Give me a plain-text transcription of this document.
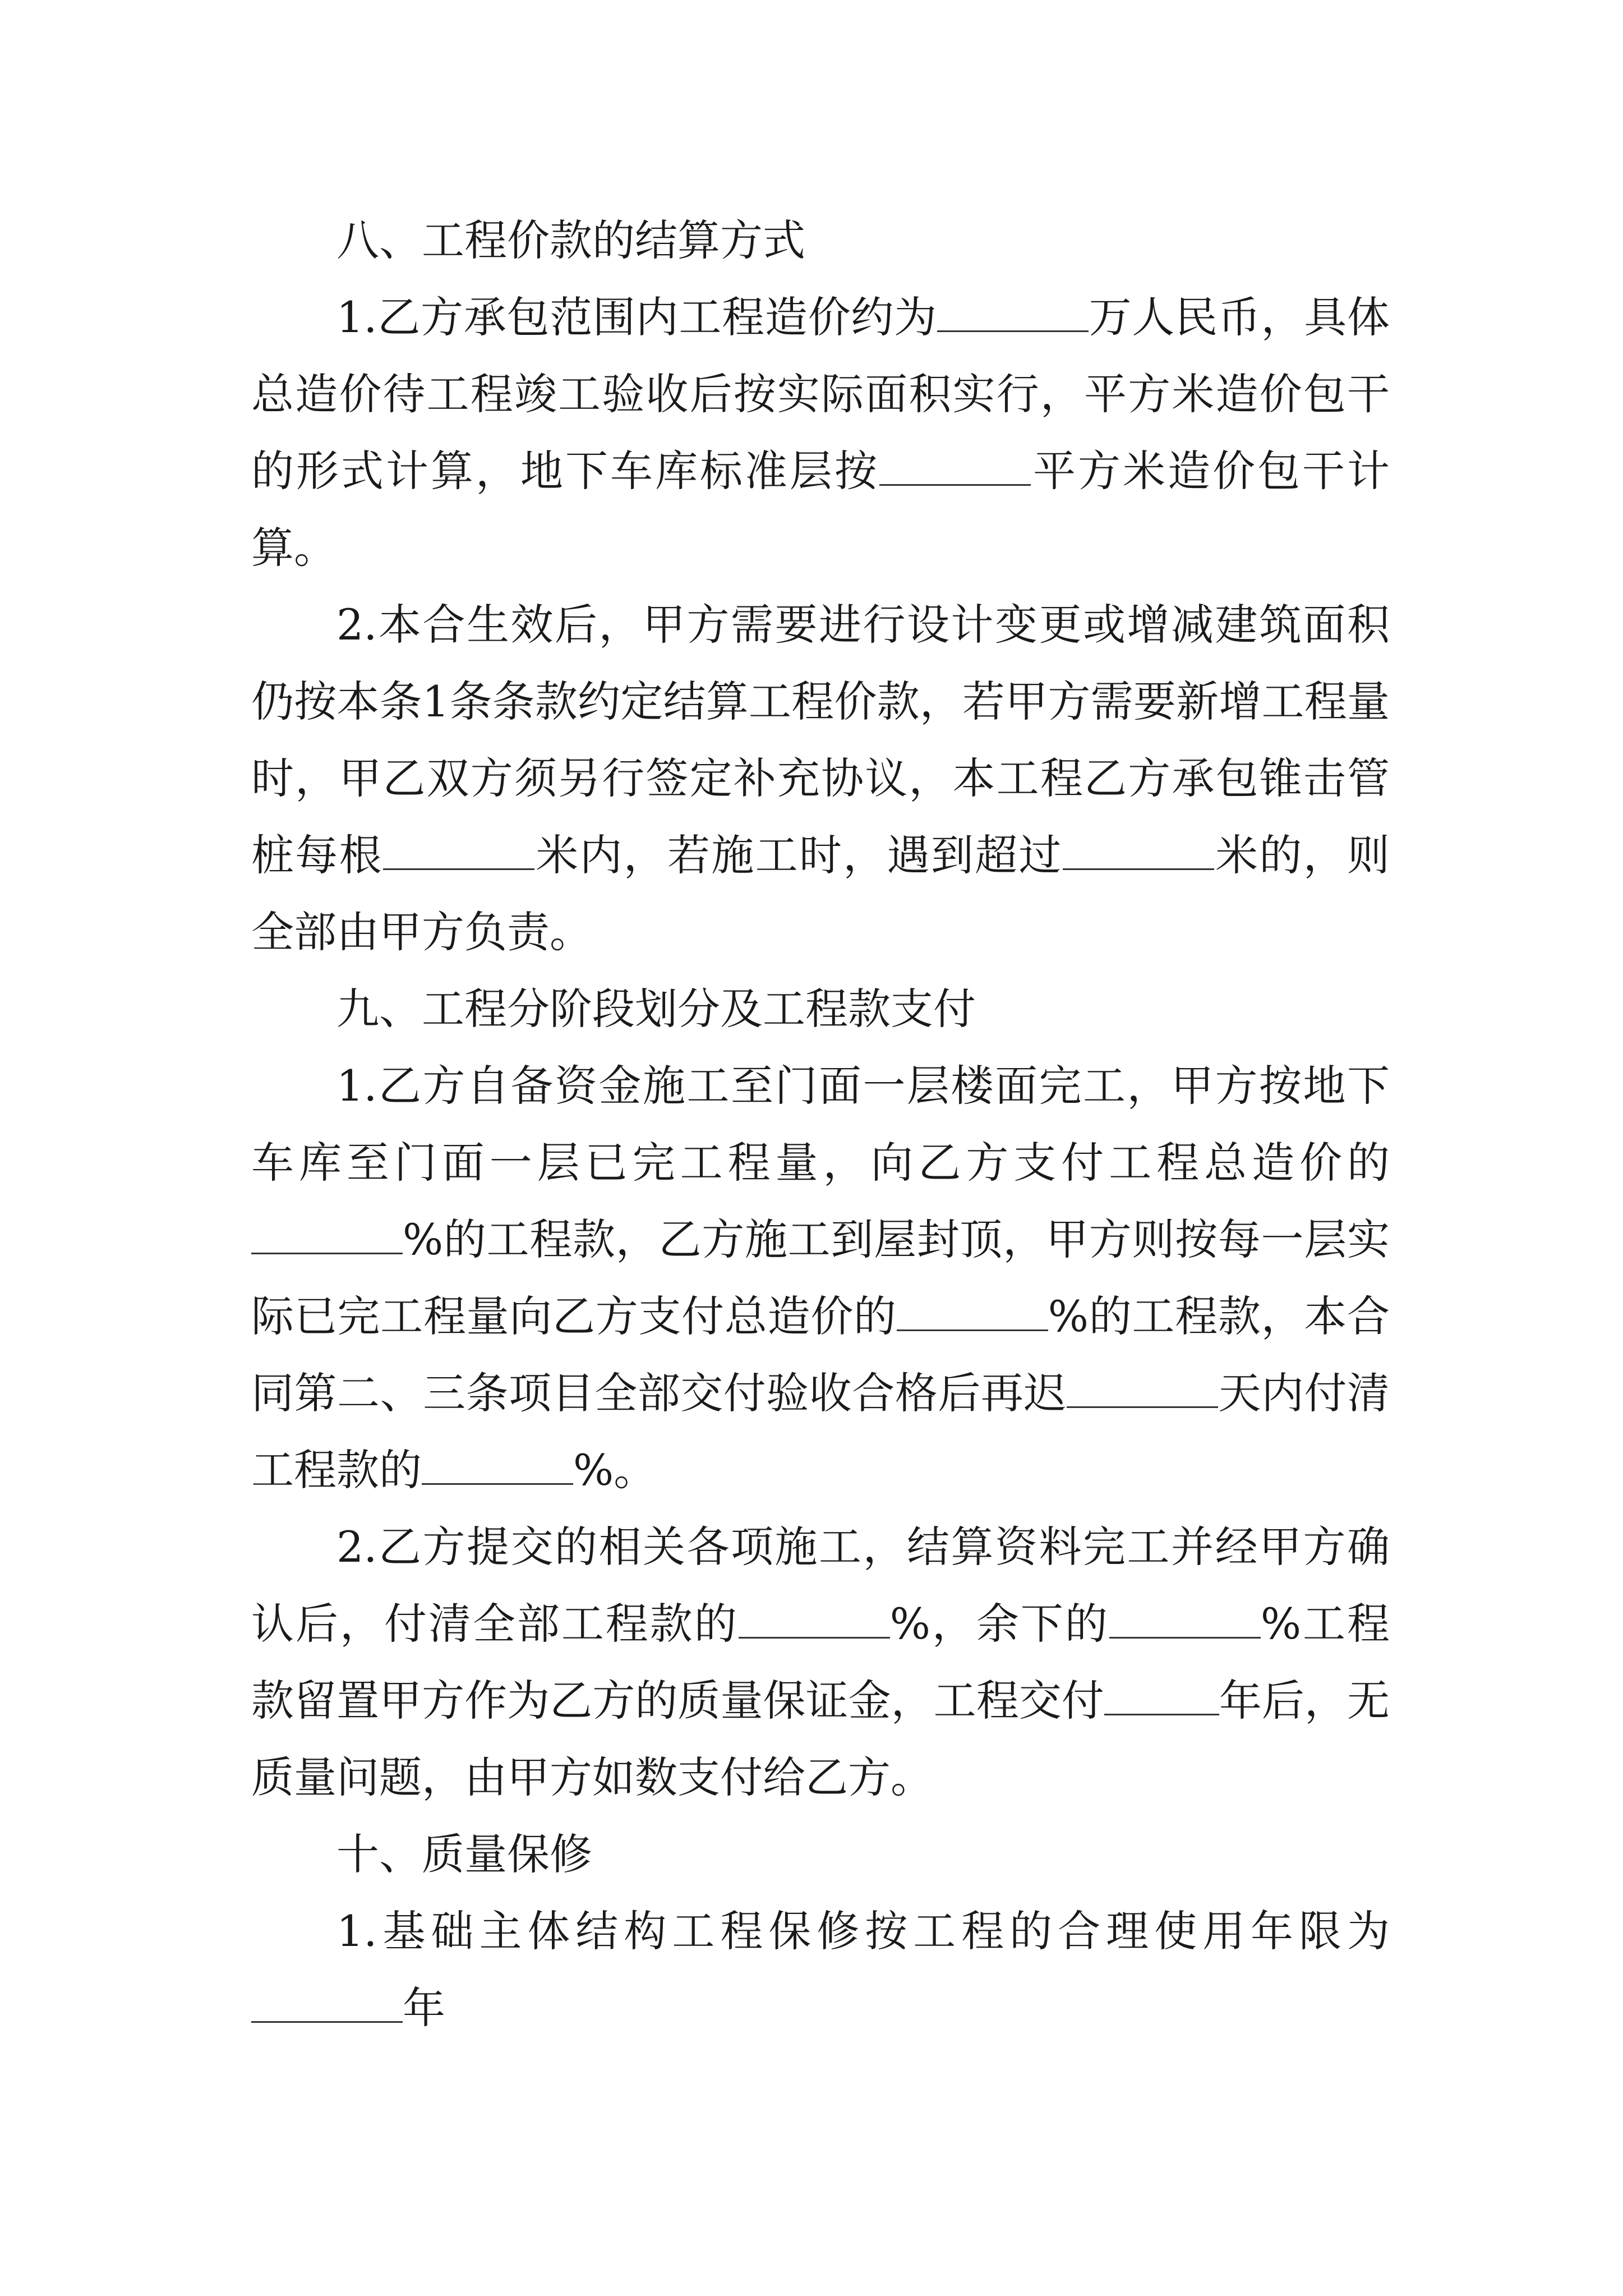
八、工程价款的结算方式

1.乙方承包范围内工程造价约为	万人民币，具体总造价待工程竣工验收后按实际面积实行，平方米造价包干的形式计算，地下车库标准层按	平方米造价包干计算。

2.本合生效后，甲方需要进行设计变更或增减建筑面积仍按本条1条条款约定结算工程价款，若甲方需要新增工程量时，甲乙双方须另行签定补充协议，本工程乙方承包锥击管桩每根	米内，若施工时，遇到超过	米的，则全部由甲方负责。

九、工程分阶段划分及工程款支付

1.乙方自备资金施工至门面一层楼面完工，甲方按地下车库至门面一层已完工程量，向乙方支付工程总造价的%的工程款，乙方施工到屋封顶，甲方则按每一层实际已完工程量向乙方支付总造价的	%的工程款，本合同第二、三条项目全部交付验收合格后再迟	天内付清工程款的	%。

2.乙方提交的相关各项施工，结算资料完工并经甲方确认后，付清全部工程款的	%，余下的	%工程款留置甲方作为乙方的质量保证金，工程交付	年后，无质量问题，由甲方如数支付给乙方。

十、质量保修

1.基础主体结构工程保修按工程的合理使用年限为年
